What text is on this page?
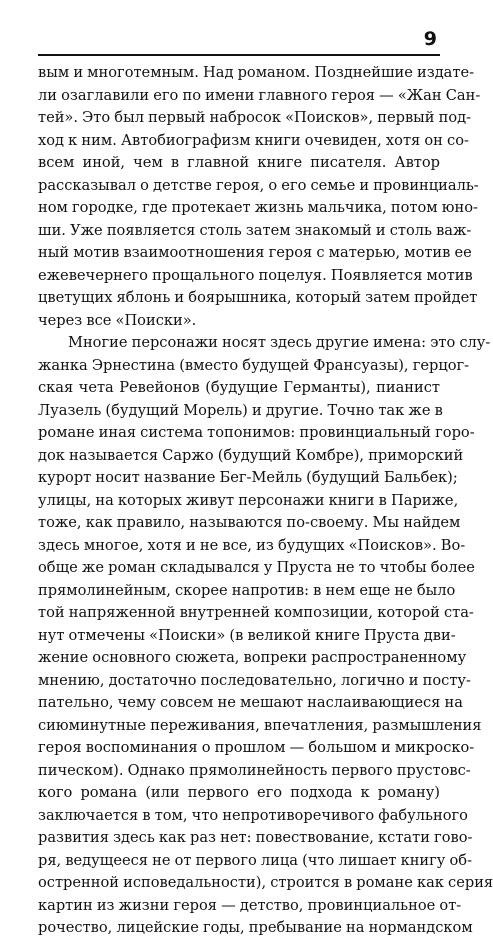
9
вым и многотемным. Над романом. Позднейшие издате-
ли озаглавили его по имени главного героя — «Жан Сан-
тей». Это был первый набросок «Поисков», первый под-
ход к ним. Автобиографизм книги очевиден, хотя он со-
всем иной, чем в главной книге писателя. Автор
рассказывал о детстве героя, о его семье и провинциаль-
ном городке, где протекает жизнь мальчика, потом юно-
ши. Уже появляется столь затем знакомый и столь важ-
ный мотив взаимоотношения героя с матерью, мотив ее
ежевечернего прощального поцелуя. Появляется мотив
цветущих яблонь и боярышника, который затем пройдет
через все «Поиски».
Многие персонажи носят здесь другие имена: это слу-
жанка Эрнестина (вместо будущей Франсуазы), герцог-
ская чета Ревейонов (будущие Германты), пианист
Луазель (будущий Морель) и другие. Точно так же в
романе иная система топонимов: провинциальный горо-
док называется Саржо (будущий Комбре), приморский
курорт носит название Бег-Мейль (будущий Бальбек);
улицы, на которых живут персонажи книги в Париже,
тоже, как правило, называются по-своему. Мы найдем
здесь многое, хотя и не все, из будущих «Поисков». Во-
обще же роман складывался у Пруста не то чтобы более
прямолинейным, скорее напротив: в нем еще не было
той напряженной внутренней композиции, которой ста-
нут отмечены «Поиски» (в великой книге Пруста дви-
жение основного сюжета, вопреки распространенному
мнению, достаточно последовательно, логично и посту-
пательно, чему совсем не мешают наслаивающиеся на
сиюминутные переживания, впечатления, размышления
героя воспоминания о прошлом — большом и микроско-
пическом). Однако прямолинейность первого прустовс-
кого романа (или первого его подхода к роману)
заключается в том, что непротиворечивого фабульного
развития здесь как раз нет: повествование, кстати гово-
ря, ведущееся не от первого лица (что лишает книгу об-
остренной исповедальности), строится в романе как серия
картин из жизни героя — детство, провинциальное от-
рочество, лицейские годы, пребывание на нормандском
